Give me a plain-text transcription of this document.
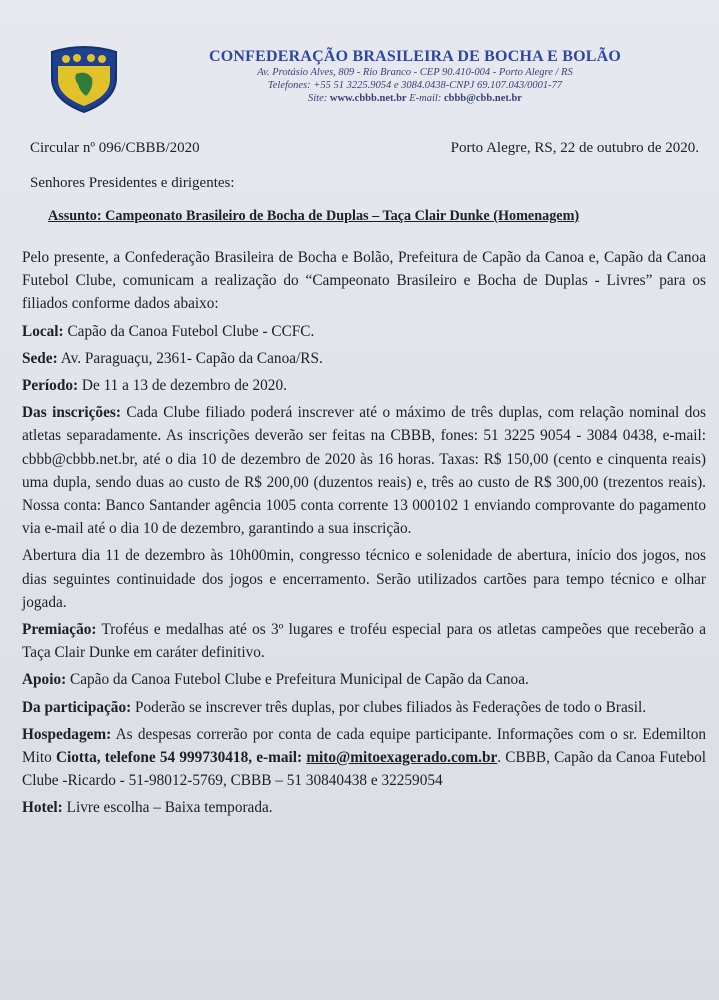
CONFEDERAÇÃO BRASILEIRA DE BOCHA E BOLÃO
Av. Protásio Alves, 809 - Rio Branco - CEP 90.410-004 - Porto Alegre / RS
Telefones: +55 51 3225.9054 e 3084.0438-CNPJ 69.107.043/0001-77
Site: www.cbbb.net.br E-mail: cbbb@cbb.net.br
Circular nº 096/CBBB/2020	Porto Alegre, RS, 22 de outubro de 2020.
Senhores Presidentes e dirigentes:
Assunto: Campeonato Brasileiro de Bocha de Duplas – Taça Clair Dunke (Homenagem)

Pelo presente, a Confederação Brasileira de Bocha e Bolão, Prefeitura de Capão da Canoa e, Capão da Canoa Futebol Clube, comunicam a realização do “Campeonato Brasileiro e Bocha de Duplas - Livres” para os filiados conforme dados abaixo:

Local: Capão da Canoa Futebol Clube - CCFC.

Sede: Av. Paraguaçu, 2361- Capão da Canoa/RS.

Período: De 11 a 13 de dezembro de 2020.

Das inscrições: Cada Clube filiado poderá inscrever até o máximo de três duplas, com relação nominal dos atletas separadamente. As inscrições deverão ser feitas na CBBB, fones: 51 3225 9054 - 3084 0438, e-mail: cbbb@cbbb.net.br, até o dia 10 de dezembro de 2020 às 16 horas. Taxas: R$ 150,00 (cento e cinquenta reais) uma dupla, sendo duas ao custo de R$ 200,00 (duzentos reais) e, três ao custo de R$ 300,00 (trezentos reais). Nossa conta: Banco Santander agência 1005 conta corrente 13 000102 1 enviando comprovante do pagamento via e-mail até o dia 10 de dezembro, garantindo a sua inscrição.

Abertura dia 11 de dezembro às 10h00min, congresso técnico e solenidade de abertura, início dos jogos, nos dias seguintes continuidade dos jogos e encerramento. Serão utilizados cartões para tempo técnico e olhar jogada.

Premiação: Troféus e medalhas até os 3º lugares e troféu especial para os atletas campeões que receberão a Taça Clair Dunke em caráter definitivo.

Apoio: Capão da Canoa Futebol Clube e Prefeitura Municipal de Capão da Canoa.

Da participação: Poderão se inscrever três duplas, por clubes filiados às Federações de todo o Brasil.

Hospedagem: As despesas correrão por conta de cada equipe participante. Informações com o sr. Edemilton Mito Ciotta, telefone 54 999730418, e-mail: mito@mitoexagerado.com.br. CBBB, Capão da Canoa Futebol Clube -Ricardo - 51-98012-5769, CBBB – 51 30840438 e 32259054

Hotel: Livre escolha – Baixa temporada.
